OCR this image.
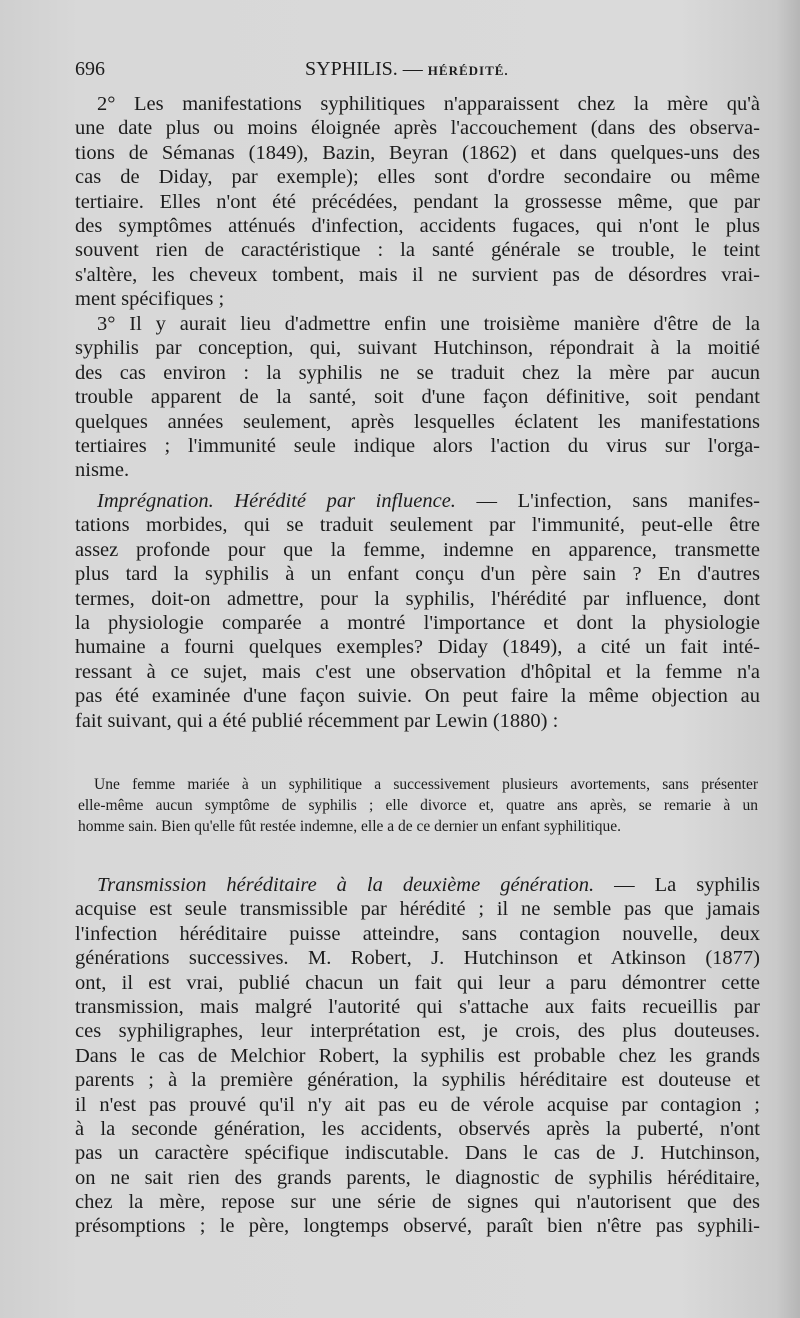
696	SYPHILIS. — HÉRÉDITÉ.
2° Les manifestations syphilitiques n'apparaissent chez la mère qu'à
une date plus ou moins éloignée après l'accouchement (dans des observa-
tions de Sémanas (1849), Bazin, Beyran (1862) et dans quelques-uns des
cas de Diday, par exemple); elles sont d'ordre secondaire ou même
tertiaire. Elles n'ont été précédées, pendant la grossesse même, que par
des symptômes atténués d'infection, accidents fugaces, qui n'ont le plus
souvent rien de caractéristique : la santé générale se trouble, le teint
s'altère, les cheveux tombent, mais il ne survient pas de désordres vrai-
ment spécifiques ;
3° Il y aurait lieu d'admettre enfin une troisième manière d'être de la
syphilis par conception, qui, suivant Hutchinson, répondrait à la moitié
des cas environ : la syphilis ne se traduit chez la mère par aucun
trouble apparent de la santé, soit d'une façon définitive, soit pendant
quelques années seulement, après lesquelles éclatent les manifestations
tertiaires ; l'immunité seule indique alors l'action du virus sur l'orga-
nisme.
Imprégnation. Hérédité par influence. — L'infection, sans manifes-
tations morbides, qui se traduit seulement par l'immunité, peut-elle être
assez profonde pour que la femme, indemne en apparence, transmette
plus tard la syphilis à un enfant conçu d'un père sain ? En d'autres
termes, doit-on admettre, pour la syphilis, l'hérédité par influence, dont
la physiologie comparée a montré l'importance et dont la physiologie
humaine a fourni quelques exemples? Diday (1849), a cité un fait inté-
ressant à ce sujet, mais c'est une observation d'hôpital et la femme n'a
pas été examinée d'une façon suivie. On peut faire la même objection au
fait suivant, qui a été publié récemment par Lewin (1880) :
Une femme mariée à un syphilitique a successivement plusieurs avortements, sans présenter
elle-même aucun symptôme de syphilis ; elle divorce et, quatre ans après, se remarie à un
homme sain. Bien qu'elle fût restée indemne, elle a de ce dernier un enfant syphilitique.
Transmission héréditaire à la deuxième génération. — La syphilis
acquise est seule transmissible par hérédité ; il ne semble pas que jamais
l'infection héréditaire puisse atteindre, sans contagion nouvelle, deux
générations successives. M. Robert, J. Hutchinson et Atkinson (1877)
ont, il est vrai, publié chacun un fait qui leur a paru démontrer cette
transmission, mais malgré l'autorité qui s'attache aux faits recueillis par
ces syphiligraphes, leur interprétation est, je crois, des plus douteuses.
Dans le cas de Melchior Robert, la syphilis est probable chez les grands
parents ; à la première génération, la syphilis héréditaire est douteuse et
il n'est pas prouvé qu'il n'y ait pas eu de vérole acquise par contagion ;
à la seconde génération, les accidents, observés après la puberté, n'ont
pas un caractère spécifique indiscutable. Dans le cas de J. Hutchinson,
on ne sait rien des grands parents, le diagnostic de syphilis héréditaire,
chez la mère, repose sur une série de signes qui n'autorisent que des
présomptions ; le père, longtemps observé, paraît bien n'être pas syphili-
